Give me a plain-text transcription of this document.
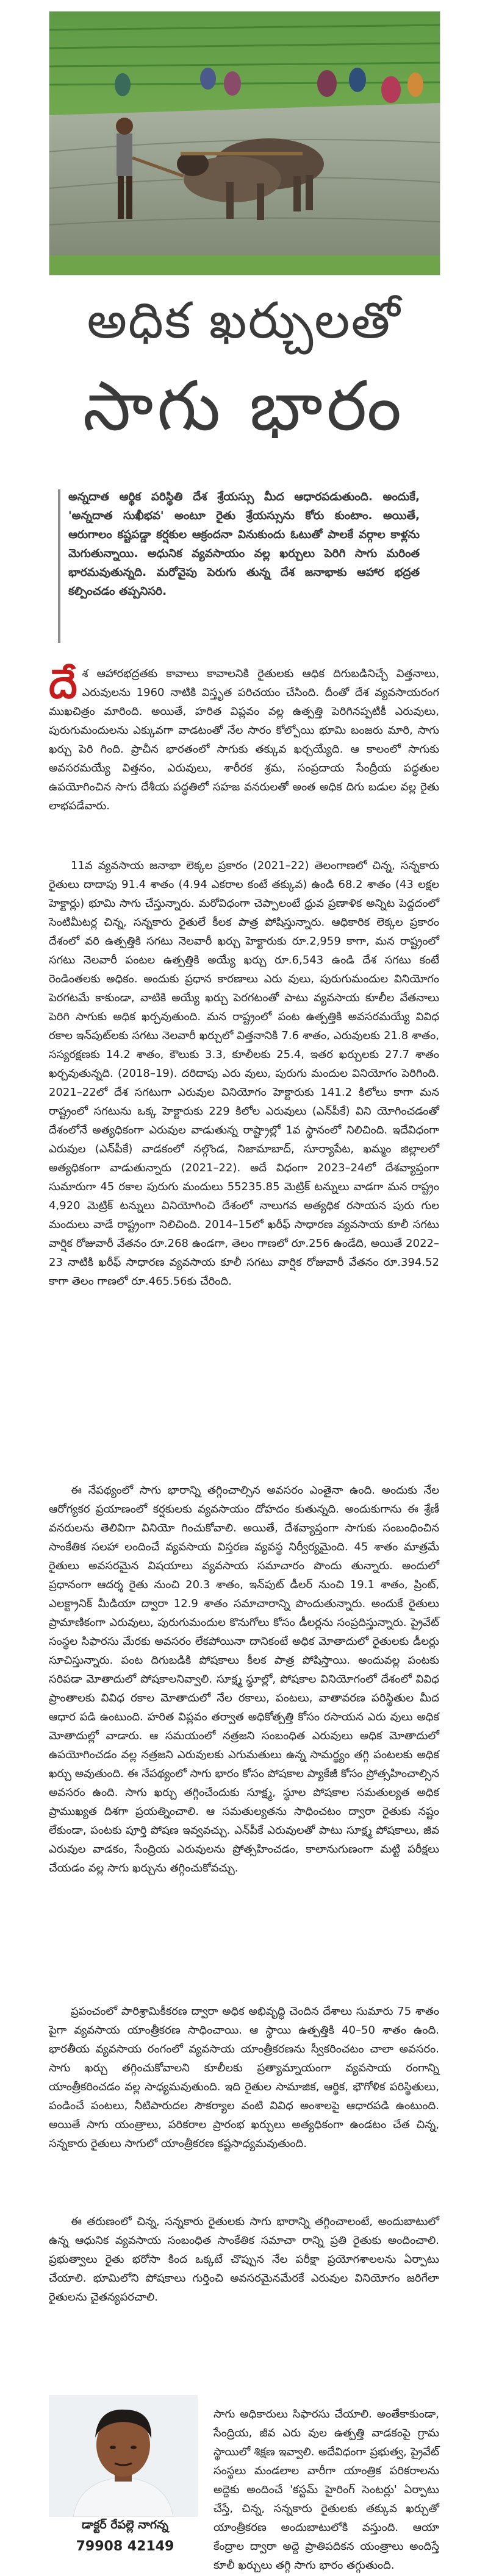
అధిక ఖర్చులతో
సాగు భారం
అన్నదాత ఆర్థిక పరిస్థితి దేశ శ్రేయస్సు మీద ఆధారపడుతుంది. అందుకే, 'అన్నదాత సుఖీభవ' అంటూ రైతు శ్రేయస్సును కోరు కుంటాం. అయితే, ఆరుగాలం కష్టపడ్డా కర్షకుల ఆక్రందనా వినుకుందు ఓటుతో పాలకే వర్గాల కాళ్లను మెగుతున్నాయి. అధునిక వ్యవసాయం వల్ల ఖర్చులు పెరిగి సాగు మరింత భారమవుతున్నది. మరోవైపు పెరుగు తున్న దేశ జనాభాకు ఆహార భద్రత కల్పించడం తప్పనిసరి.

దేశ ఆహారభద్రతకు కావాలు కావాలనికి రైతులకు ఆధిక దిగుబడినిచ్చే విత్తనాలు, ఎరువులను 1960 నాటికి విస్తృత పరిచయం చేసింది. దీంతో దేశ వ్యవసాయరంగ ముఖచిత్రం మారింది. అయితే, హరిత విప్లవం వల్ల ఉత్పత్తి పెరిగినప్పటికీ ఎరువులు, పురుగుమందులను ఎక్కువగా వాడటంతో నేల సారం కోల్పోయి భూమి బంజరు మారి, సాగు ఖర్చు పెరి గింది. ప్రాచీన భారతంలో సాగుకు తక్కువ ఖర్చయ్యేది. ఆ కాలంలో సాగుకు అవసరమయ్యే విత్తనం, ఎరువులు, శారీరక శ్రమ, సంప్రదాయ సేంద్రీయ పద్ధతుల ఉపయోగించిన సాగు దేశీయ పద్ధతిలో సహజ వనరులతో అంత అధిక దిగు బడుల వల్ల రైతు లాభపడేవారు.

11వ వ్యవసాయ జనాభా లెక్కల ప్రకారం (2021–22) తెలంగాణలో చిన్న, సన్నకారు రైతులు దాదాపు 91.4 శాతం (4.94 ఎకరాల కంటే తక్కువ) ఉండి 68.2 శాతం (43 లక్షల హెక్టార్లు) భూమి సాగు చేస్తున్నారు. మరోవిధంగా చెప్పాలంటే ధ్రువ ప్రణాళిక అన్నిట పెద్దదంలో సెంటిమీటర్ల చిన్న, సన్నకారు రైతులే కీలక పాత్ర పోషిస్తున్నారు. ఆధికారిక లెక్కల ప్రకారం దేశంలో వరి ఉత్పత్తికి సగటు నెలవారీ ఖర్చు హెక్టారుకు రూ.2,959 కాగా, మన రాష్ట్రంలో సగటు నెలవారీ పంటల ఉత్పత్తికి అయ్యే ఖర్చు రూ.6,543 ఉండి దేశ సగటు కంటే రెండింతలకు అధికం. అందుకు ప్రధాన కారణాలు ఎరు వులు, పురుగుమందుల వినియోగం పెరగటమే కాకుండా, వాటికి అయ్యే ఖర్చు పెరగటంతో పాటు వ్యవసాయ కూలీల వేతనాలు పెరిగి సాగుకు అధిక ఖర్చవుతుంది. మన రాష్ట్రంలో పంట ఉత్పత్తికి అవసరమయ్యే వివిధ రకాల ఇన్‌పుట్‌లకు సగటు నెలవారీ ఖర్చులో విత్తనానికి 7.6 శాతం, ఎరువులకు 21.8 శాతం, సస్యరక్షణకు 14.2 శాతం, కౌలుకు 3.3, కూలీలకు 25.4, ఇతర ఖర్చులకు 27.7 శాతం ఖర్చవుతున్నది. (2018–19). దరిదాపు ఎరు వులు, పురుగు మందుల వినియోగం పెరిగింది. 2021–22లో దేశ సగటుగా ఎరువుల వినియోగం హెక్టారుకు 141.2 కిలోలు కాగా మన రాష్ట్రంలో సగటును ఒక్క హెక్టారుకు 229 కిలోల ఎరువులు (ఎన్‌పీకే) విని యోగించడంతో దేశంలోనే అత్యధికంగా ఎరువుల వాడుతున్న రాష్ట్రాల్లో 1వ స్థానంలో నిలిచింది. ఇదేవిధంగా ఎరువుల (ఎన్‌పీకే) వాడకంలో నల్గొండ, నిజామాబాద్, సూర్యాపేట, ఖమ్మం జిల్లాలలో అత్యధికంగా వాడుతున్నారు (2021–22). అదే విధంగా 2023–24లో దేశవ్యాప్తంగా సుమారుగా 45 రకాల పురుగు మందులు 55235.85 మెట్రిక్ టన్నులు వాడగా మన రాష్ట్రం 4,920 మెట్రిక్ టన్నులు వినియోగించి దేశంలో నాలుగవ అత్యధిక రసాయన పురు గుల మందులు వాడే రాష్ట్రంగా నిలిచింది. 2014–15లో ఖరీఫ్ సాధారణ వ్యవసాయ కూలీ సగటు వార్షిక రోజువారీ వేతనం రూ.268 ఉండగా, తెలం గాణలో రూ.256 ఉండేది, అయితే 2022–23 నాటికి ఖరీఫ్ సాధారణ వ్యవసాయ కూలీ సగటు వార్షిక రోజువారీ వేతనం రూ.394.52 కాగా తెలం గాణలో రూ.465.56కు చేరింది.

ఈ నేపథ్యంలో సాగు భారాన్ని తగ్గించాల్సిన అవసరం ఎంతైనా ఉంది. అందుకు నేల ఆరోగ్యకర ప్రయాణంలో కర్షకులకు వ్యవసాయం దోహదం కుతున్నది. అందుకుగాను ఈ శ్రేణీ వనరులను తెలివిగా వినియో గించుకోవాలి. అయితే, దేశవ్యాప్తంగా సాగుకు సంబంధించిన సాంకేతిక సలహా లందించే వ్యవసాయ విస్తరణ వ్యవస్థ నిర్వీర్యమైంది. 45 శాతం మాత్రమే రైతులు అవసరమైన విషయాలు వ్యవసాయ సమాచారం పొందు తున్నారు. అందులో ప్రధానంగా ఆదర్శ రైతు నుంచి 20.3 శాతం, ఇన్‌పుట్ డీలర్ నుంచి 19.1 శాతం, ప్రింట్, ఎలక్ట్రానిక్ మీడియా ద్వారా 12.9 శాతం సమాచారాన్ని పొందుతున్నారు. అందుకే రైతులు ప్రామాణికంగా ఎరువులు, పురుగుమందుల కొనుగోలు కోసం డీలర్లను సంప్రదిస్తున్నారు. ప్రైవేట్ సంస్థల సిఫారసు మేరకు అవసరం లేకపోయినా దానికంటే అధిక మోతాదులో రైతులకు డీలర్లు సూచిస్తున్నారు. పంట దిగుబడికి పోషకాలు కీలక పాత్ర పోషిస్తాయి. అందువల్ల పంటకు సరిపడా మోతాదులో పోషకాలనివ్వాలి. సూక్ష్మ స్థూల్లో, పోషకాల వినియోగంలో దేశంలో వివిధ ప్రాంతాలకు వివిధ రకాల మోతాదులో నేల రకాలు, పంటలు, వాతావరణ పరిస్థితుల మీద ఆధార పడి ఉంటుంది. హరిత విప్లవం తర్వాత అధికోత్పత్తి కోసం రసాయన ఎరు వులు అధిక మోతాదుల్లో వాడారు. ఆ సమయంలో నత్రజని సంబంధిత ఎరువులు అధిక మోతాదులో ఉపయోగించడం వల్ల నత్రజని ఎరువులకు ఎగుమతులు ఉన్న సామర్థ్యం తగ్గి పంటలకు అధిక ఖర్చు అవుతుంది. ఈ నేపథ్యంలో సాగు భారం కోసం పోషకాల ప్యాకేజీ కోసం ప్రోత్సహించాల్సిన అవసరం ఉంది. సాగు ఖర్చు తగ్గించేందుకు సూక్ష్మ, స్థూల పోషకాల సమతుల్యత అధిక ప్రాముఖ్యత దిశగా ప్రయత్నించాలి. ఆ సమతుల్యతను సాధించటం ద్వారా రైతుకు నష్టం లేకుండా, పంటకు పూర్తి పోషణ ఇవ్వవచ్చు. ఎన్‌పీకే ఎరువులతో పాటు సూక్ష్మ పోషకాలు, జీవ ఎరువుల వాడకం, సేంద్రియ ఎరువులను ప్రోత్సహించడం, కాలానుగుణంగా మట్టి పరీక్షలు చేయడం వల్ల సాగు ఖర్చును తగ్గించుకోవచ్చు.

ప్రపంచంలో పారిశ్రామికీకరణ ద్వారా అధిక అభివృద్ధి చెందిన దేశాలు సుమారు 75 శాతం పైగా వ్యవసాయ యాంత్రీకరణ సాధించాయి. ఆ స్థాయి ఉత్పత్తికి 40–50 శాతం ఉంది. భారతీయ వ్యవసాయ రంగంలో వ్యవసాయ యాంత్రీకరణను స్వీకరించటం చాలా అవసరం. సాగు ఖర్చు తగ్గించుకోవాలని కూలీలకు ప్రత్యామ్నాయంగా వ్యవసాయ రంగాన్ని యాంత్రీకరించడం వల్ల సాధ్యమవుతుంది. ఇది రైతుల సామాజిక, ఆర్థిక, భౌగోళిక పరిస్థితులు, పండించే పంటలు, నీటిపారుదల సౌకర్యాల వంటి వివిధ అంశాలపై ఆధారపడి ఉంటుంది. అయితే సాగు యంత్రాలు, పరికరాల ప్రారంభ ఖర్చులు అత్యధికంగా ఉండటం చేత చిన్న, సన్నకారు రైతులు సాగులో యాంత్రీకరణ కష్టసాధ్యమవుతుంది.

ఈ తరుణంలో చిన్న, సన్నకారు రైతులకు సాగు భారాన్ని తగ్గించాలంటే, అందుబాటులో ఉన్న ఆధునిక వ్యవసాయ సంబంధిత సాంకేతిక సమాచా రాన్ని ప్రతి రైతుకు అందించాలి. ప్రభుత్వాలు రైతు భరోసా కింద ఒక్కటే చొప్పున నేల పరీక్షా ప్రయోగశాలలను ఏర్పాటు చేయాలి. భూమిలోని పోషకాలు గుర్తించి అవసరమైనమేరకే ఎరువుల వినియోగం జరిగేలా రైతులను చైతన్యపరచాలి.

డాక్టర్ రేపల్లె నాగన్న
79908 42149
సాగు అధికారులు సిఫారసు చేయాలి. అంతేకాకుండా, సేంద్రియ, జీవ ఎరు వుల ఉత్పత్తి వాడకంపై గ్రామ స్థాయిలో శిక్షణ ఇవ్వాలి. అదేవిధంగా ప్రభుత్వ, ప్రైవేట్ సంస్థలు మండలాల వారీగా యాంత్రిక పరికరాలను అద్దెకు అందించే 'కస్టమ్ హైరింగ్ సెంటర్లు' ఏర్పాటు చేస్తే, చిన్న, సన్నకారు రైతులకు తక్కువ ఖర్చుతో యాంత్రీకరణ అందుబాటులోకి వస్తుంది. ఆయా కేంద్రాల ద్వారా అద్దె ప్రాతిపదికన యంత్రాలు అందిస్తే కూలీ ఖర్చులు తగ్గి సాగు భారం తగ్గుతుంది.
